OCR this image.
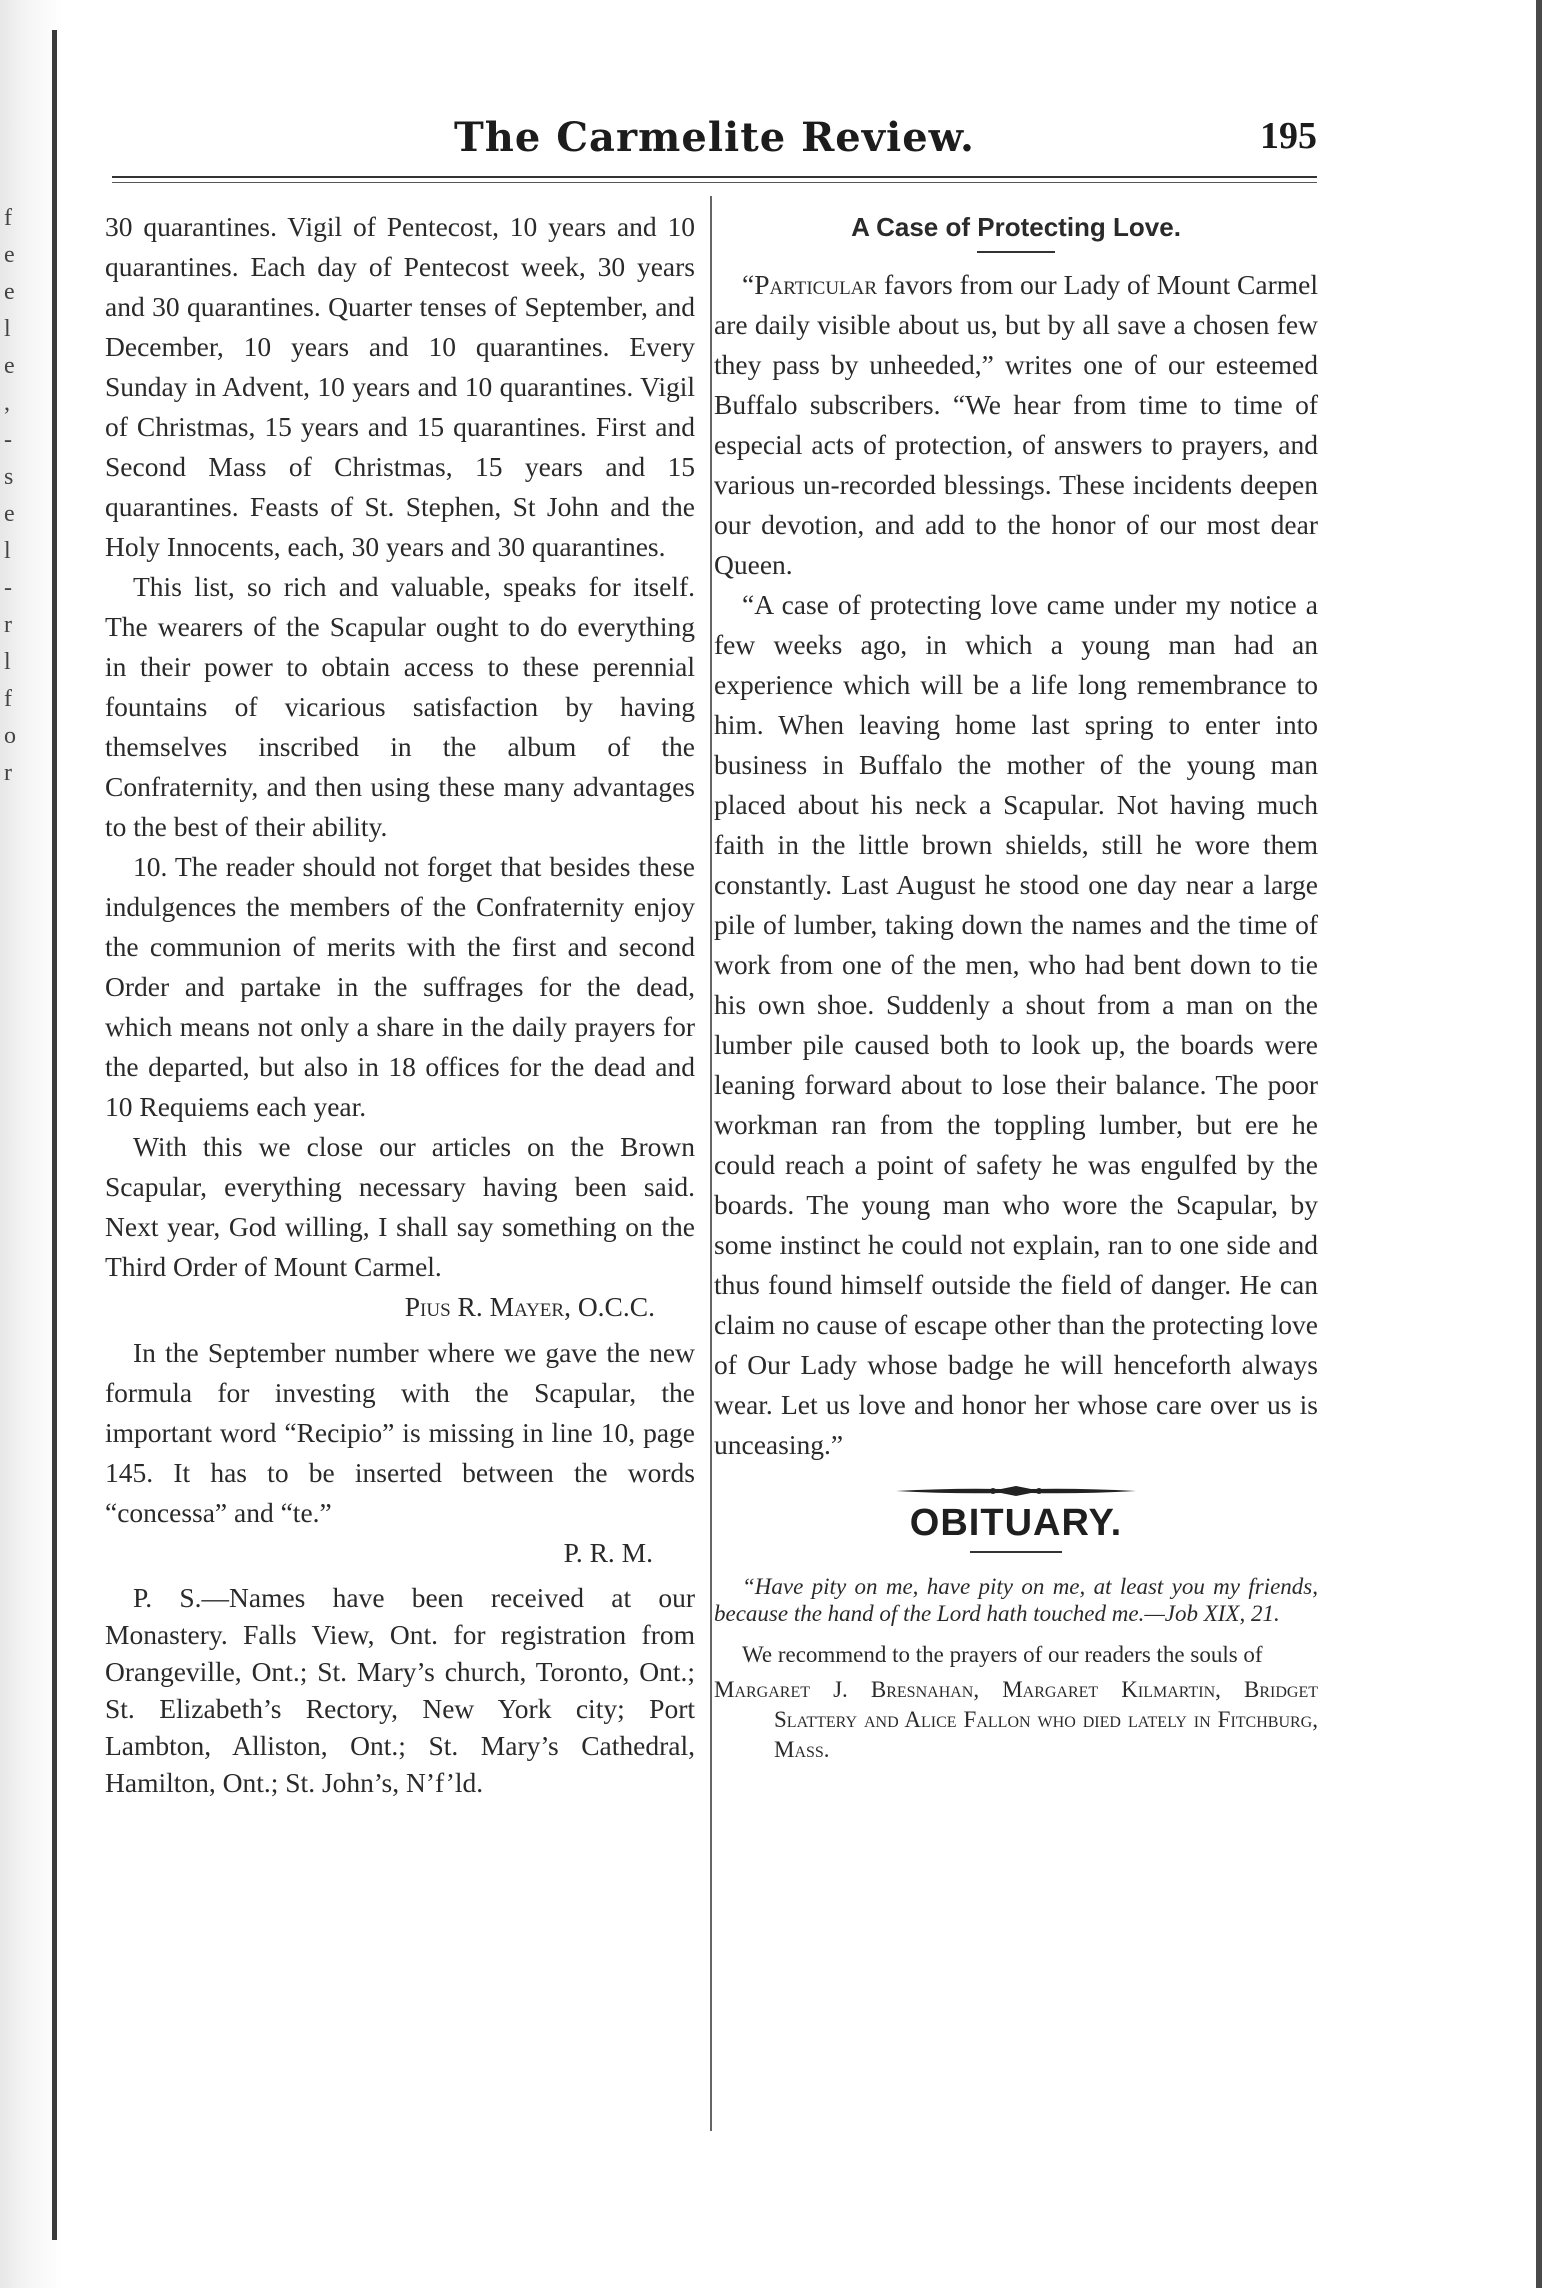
f
e
e
l
e
,
-
s
e
l
-
r
l
f
o
r
The Carmelite Review.	195

30 quarantines. Vigil of Pentecost, 10 years and 10 quarantines. Each day of Pentecost week, 30 years and 30 quarantines. Quarter tenses of September, and December, 10 years and 10 quarantines. Every Sunday in Advent, 10 years and 10 quarantines. Vigil of Christmas, 15 years and 15 quarantines. First and Second Mass of Christmas, 15 years and 15 quarantines. Feasts of St. Stephen, St John and the Holy Innocents, each, 30 years and 30 quarantines.

This list, so rich and valuable, speaks for itself. The wearers of the Scapular ought to do everything in their power to obtain access to these perennial fountains of vicarious satisfaction by having themselves inscribed in the album of the Confraternity, and then using these many advantages to the best of their ability.

10. The reader should not forget that besides these indulgences the members of the Confraternity enjoy the communion of merits with the first and second Order and partake in the suffrages for the dead, which means not only a share in the daily prayers for the departed, but also in 18 offices for the dead and 10 Requiems each year.

With this we close our articles on the Brown Scapular, everything necessary having been said. Next year, God willing, I shall say something on the Third Order of Mount Carmel.

Pius R. Mayer, O.C.C.

In the September number where we gave the new formula for investing with the Scapular, the important word “Recipio” is missing in line 10, page 145. It has to be inserted between the words “concessa” and “te.”

P. R. M.

P. S.—Names have been received at our Monastery. Falls View, Ont. for registration from Orangeville, Ont.; St. Mary’s church, Toronto, Ont.; St. Elizabeth’s Rectory, New York city; Port Lambton, Alliston, Ont.; St. Mary’s Cathedral, Hamilton, Ont.; St. John’s, N’f’ld.

A Case of Protecting Love.

“Particular favors from our Lady of Mount Carmel are daily visible about us, but by all save a chosen few they pass by unheeded,” writes one of our esteemed Buffalo subscribers. “We hear from time to time of especial acts of protection, of answers to prayers, and various un-recorded blessings. These incidents deepen our devotion, and add to the honor of our most dear Queen.

“A case of protecting love came under my notice a few weeks ago, in which a young man had an experience which will be a life long remembrance to him. When leaving home last spring to enter into business in Buffalo the mother of the young man placed about his neck a Scapular. Not having much faith in the little brown shields, still he wore them constantly. Last August he stood one day near a large pile of lumber, taking down the names and the time of work from one of the men, who had bent down to tie his own shoe. Suddenly a shout from a man on the lumber pile caused both to look up, the boards were leaning forward about to lose their balance. The poor workman ran from the toppling lumber, but ere he could reach a point of safety he was engulfed by the boards. The young man who wore the Scapular, by some instinct he could not explain, ran to one side and thus found himself outside the field of danger. He can claim no cause of escape other than the protecting love of Our Lady whose badge he will henceforth always wear. Let us love and honor her whose care over us is unceasing.”

OBITUARY.

“Have pity on me, have pity on me, at least you my friends, because the hand of the Lord hath touched me.—Job XIX, 21.

We recommend to the prayers of our readers the souls of

Margaret J. Bresnahan, Margaret Kilmartin, Bridget Slattery and Alice Fallon who died lately in Fitchburg, Mass.
